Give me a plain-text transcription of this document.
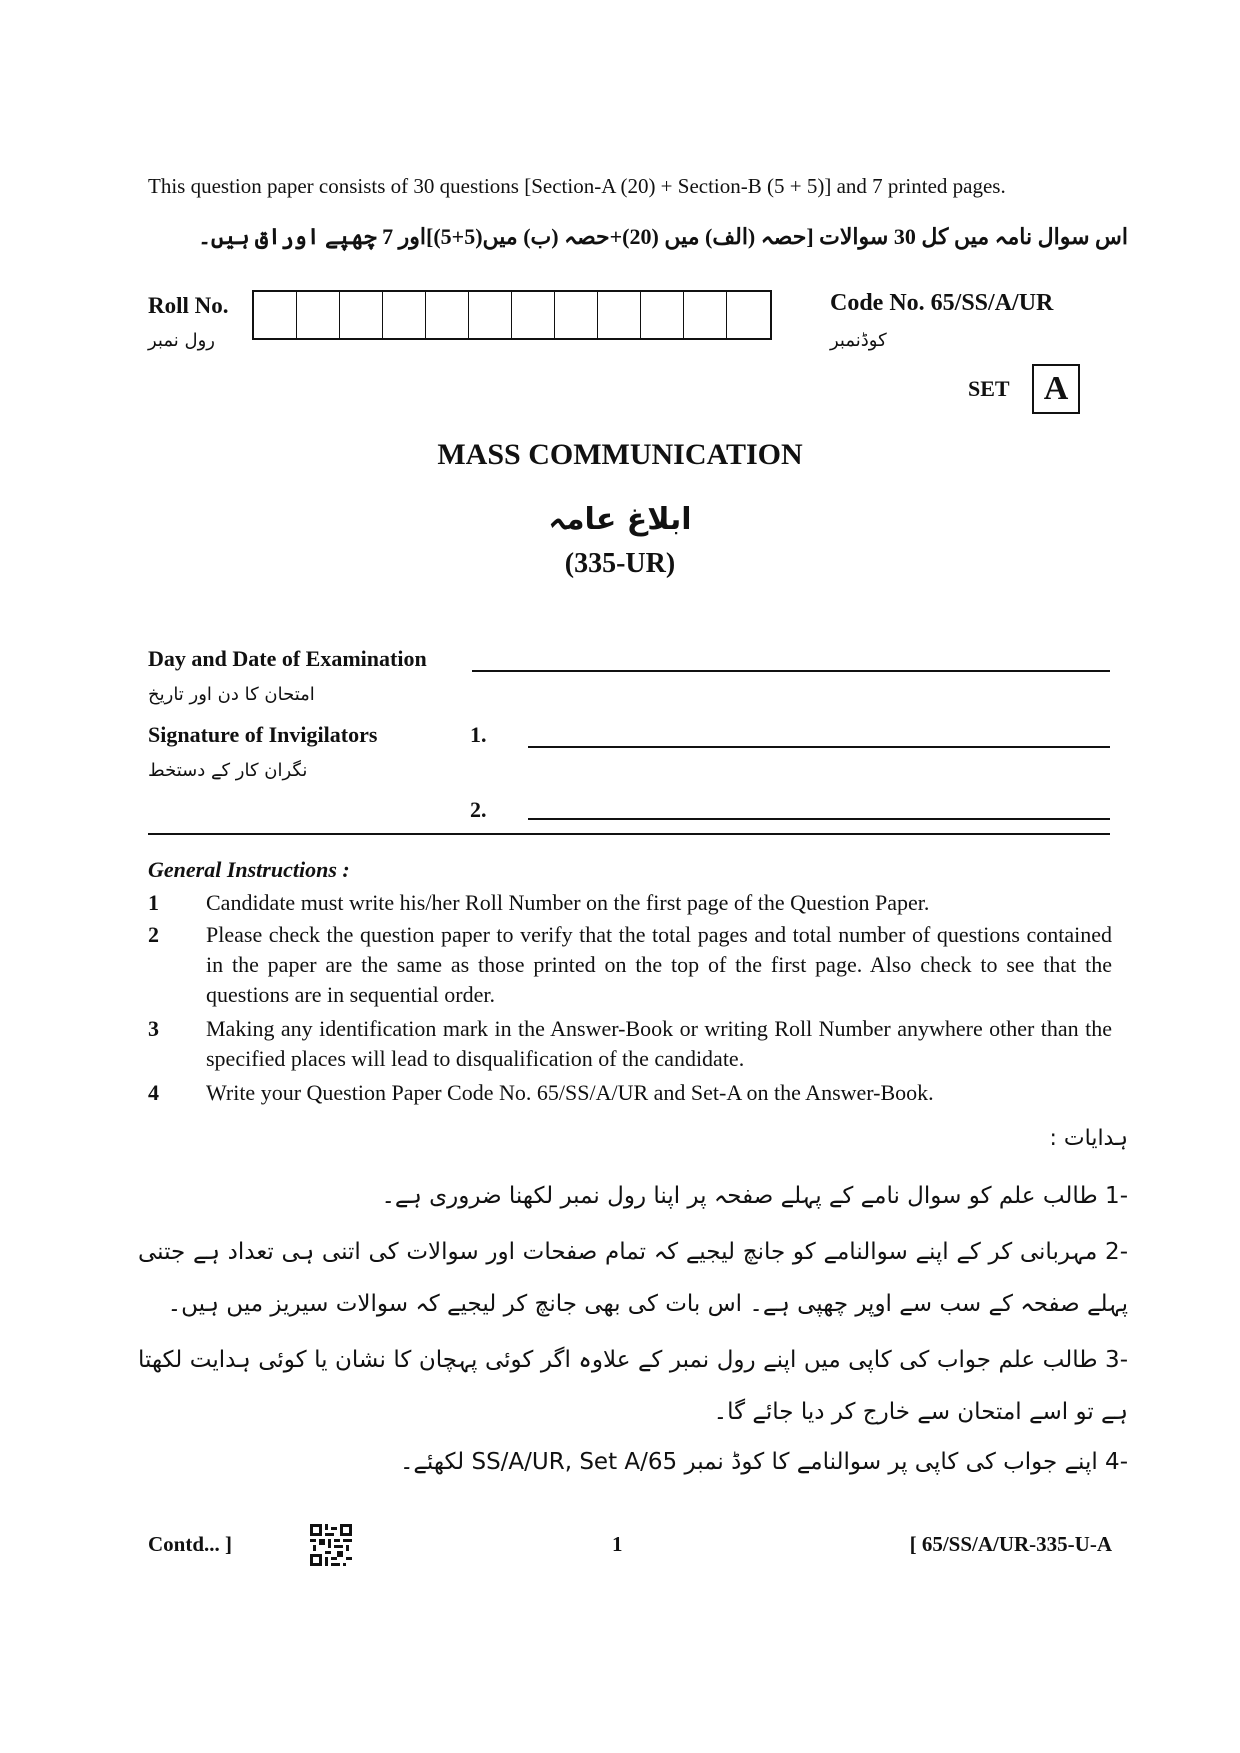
This question paper consists of 30 questions [Section-A (20) + Section-B (5 + 5)] and 7 printed pages.
اس سوال نامہ میں کل 30 سوالات [حصہ (الف) میں (20)+حصہ (ب) میں(5+5)]اور 7 چھپے اوراق ہیں۔
Roll No.
رول نمبر
Code No. 65/SS/A/UR
کوڈنمبر
SET	A
MASS COMMUNICATION
ابلاغ عامہ
(335-UR)
Day and Date of Examination
امتحان کا دن اور تاریخ
Signature of Invigilators	1.
نگران کار کے دستخط
2.
General Instructions :
1 Candidate must write his/her Roll Number on the first page of the Question Paper.
2 Please check the question paper to verify that the total pages and total number of questions contained in the paper are the same as those printed on the top of the first page. Also check to see that the questions are in sequential order.
3 Making any identification mark in the Answer-Book or writing Roll Number anywhere other than the specified places will lead to disqualification of the candidate.
4 Write your Question Paper Code No. 65/SS/A/UR and Set-A on the Answer-Book.
ہدایات :
-1 طالب علم کو سوال نامے کے پہلے صفحہ پر اپنا رول نمبر لکھنا ضروری ہے۔
-2 مہربانی کر کے اپنے سوالنامے کو جانچ لیجیے کہ تمام صفحات اور سوالات کی اتنی ہی تعداد ہے جتنی پہلے صفحہ کے سب سے اوپر چھپی ہے۔ اس بات کی بھی جانچ کر لیجیے کہ سوالات سیریز میں ہیں۔
-3 طالب علم جواب کی کاپی میں اپنے رول نمبر کے علاوہ اگر کوئی پہچان کا نشان یا کوئی ہدایت لکھتا ہے تو اسے امتحان سے خارج کر دیا جائے گا۔
-4 اپنے جواب کی کاپی پر سوالنامے کا کوڈ نمبر 65/SS/A/UR, Set A لکھئے۔
Contd... ]	1	[ 65/SS/A/UR-335-U-A
